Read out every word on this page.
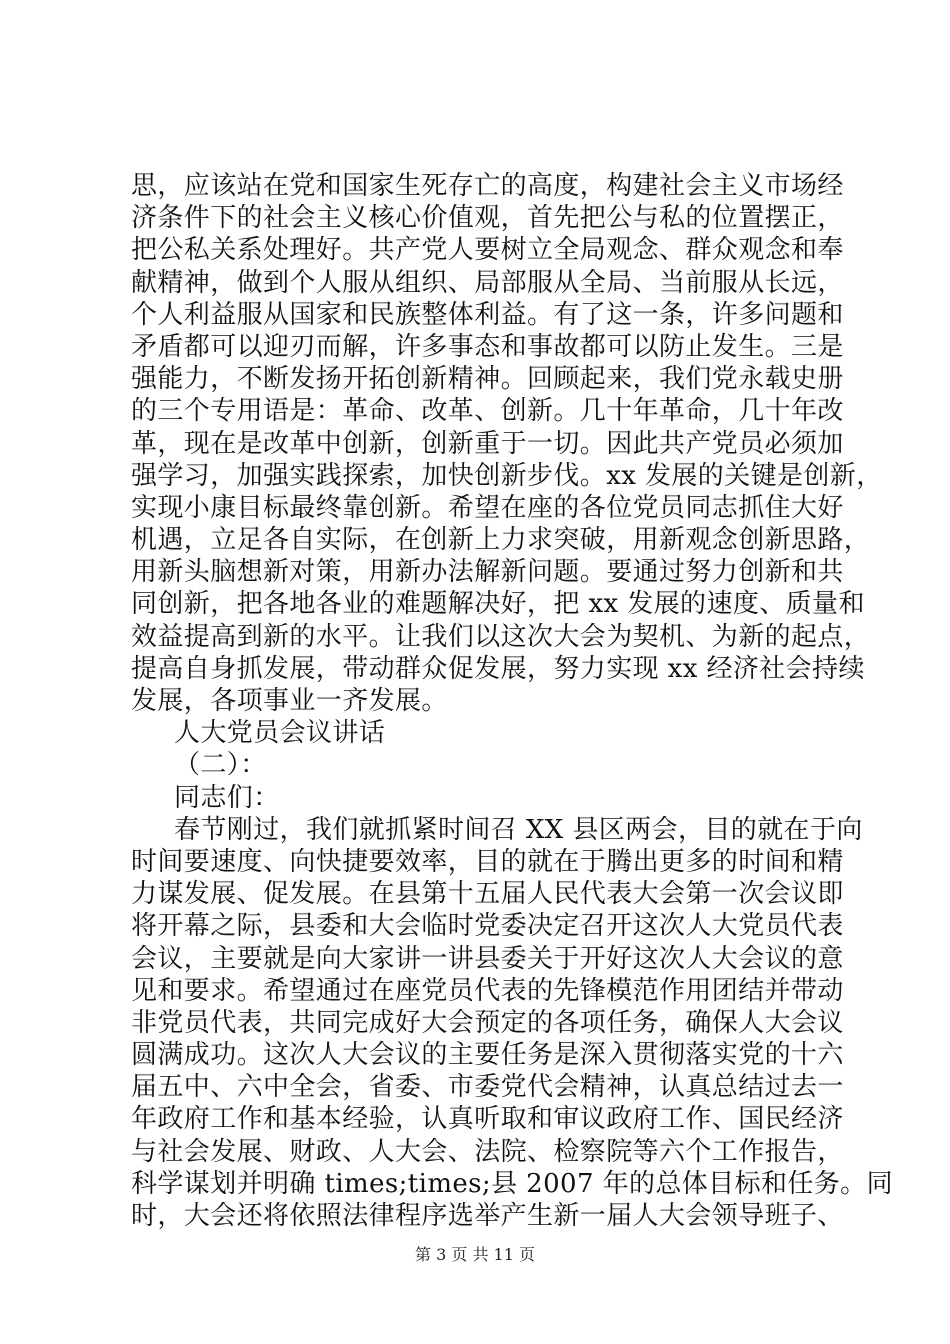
思，应该站在党和国家生死存亡的高度，构建社会主义市场经
济条件下的社会主义核心价值观，首先把公与私的位置摆正，
把公私关系处理好。共产党人要树立全局观念、群众观念和奉
献精神，做到个人服从组织、局部服从全局、当前服从长远，
个人利益服从国家和民族整体利益。有了这一条，许多问题和
矛盾都可以迎刃而解，许多事态和事故都可以防止发生。三是
强能力，不断发扬开拓创新精神。回顾起来，我们党永载史册
的三个专用语是：革命、改革、创新。几十年革命，几十年改
革，现在是改革中创新，创新重于一切。因此共产党员必须加
强学习，加强实践探索，加快创新步伐。xx 发展的关键是创新，
实现小康目标最终靠创新。希望在座的各位党员同志抓住大好
机遇，立足各自实际，在创新上力求突破，用新观念创新思路，
用新头脑想新对策，用新办法解新问题。要通过努力创新和共
同创新，把各地各业的难题解决好，把 xx 发展的速度、质量和
效益提高到新的水平。让我们以这次大会为契机、为新的起点，
提高自身抓发展，带动群众促发展，努力实现 xx 经济社会持续
发展，各项事业一齐发展。
人大党员会议讲话
（二）：
同志们：
春节刚过，我们就抓紧时间召 XX 县区两会，目的就在于向
时间要速度、向快捷要效率，目的就在于腾出更多的时间和精
力谋发展、促发展。在县第十五届人民代表大会第一次会议即
将开幕之际，县委和大会临时党委决定召开这次人大党员代表
会议，主要就是向大家讲一讲县委关于开好这次人大会议的意
见和要求。希望通过在座党员代表的先锋模范作用团结并带动
非党员代表，共同完成好大会预定的各项任务，确保人大会议
圆满成功。这次人大会议的主要任务是深入贯彻落实党的十六
届五中、六中全会，省委、市委党代会精神，认真总结过去一
年政府工作和基本经验，认真听取和审议政府工作、国民经济
与社会发展、财政、人大会、法院、检察院等六个工作报告，
科学谋划并明确 times;times;县 2007 年的总体目标和任务。同
时，大会还将依照法律程序选举产生新一届人大会领导班子、
第 3 页 共 11 页
